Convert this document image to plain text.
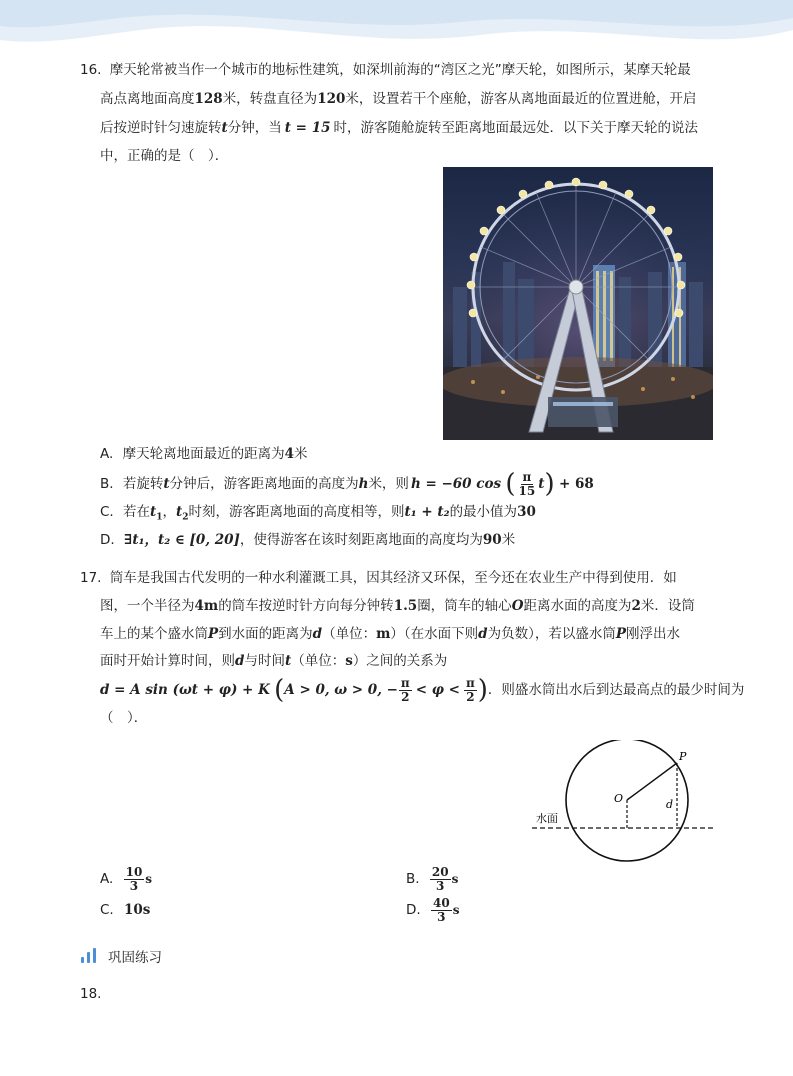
16. 摩天轮常被当作一个城市的地标性建筑，如深圳前海的“湾区之光”摩天轮，如图所示，某摩天轮最
高点离地面高度128米，转盘直径为120米，设置若干个座舱，游客从离地面最近的位置进舱，开启
后按逆时针匀速旋转t分钟，当 t = 15 时，游客随舱旋转至距离地面最远处．以下关于摩天轮的说法
中，正确的是（　）．
A. 摩天轮离地面最近的距离为4米
B. 若旋转t分钟后，游客距离地面的高度为h米，则 h = −60 cos ( $\frac{\pi}{15} t) + 68$
C. 若在$t_1$，$t_2$时刻，游客距离地面的高度相等，则t₁ + t₂的最小值为30
D. ∃t₁，t₂ ∈ [0, 20]，使得游客在该时刻距离地面的高度均为90米
17. 筒车是我国古代发明的一种水利灌溉工具，因其经济又环保，至今还在农业生产中得到使用．如
图，一个半径为4m的筒车按逆时针方向每分钟转1.5圈，筒车的轴心O距离水面的高度为2米．设筒
车上的某个盛水筒P到水面的距离为d（单位：m）（在水面下则d为负数），若以盛水筒P刚浮出水
面时开始计算时间，则d与时间t（单位：s）之间的关系为
d = A sin (ωt + φ) + K (A > 0, ω > 0, − $\frac{\pi}{2} < \varphi < \frac{\pi}{2}$ )．则盛水筒出水后到达最高点的最少时间为
（　）．
P
O	d
水面
A. $\frac{10}{3}$ s	B. $\frac{20}{3}$ s
C. 10s	D. $\frac{40}{3}$ s
巩固练习
18.
